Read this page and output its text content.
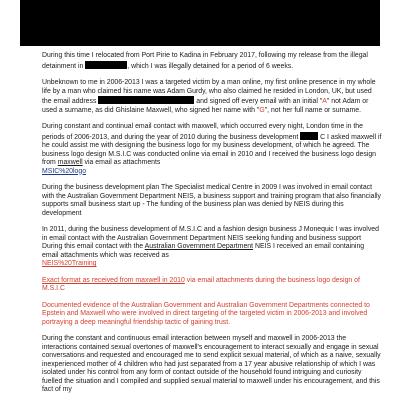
During this time I relocated from Port Pirie to Kadina in February 2017, following my release from the illegal detainment in	, which I was illegally detained for a period of 6 weeks.

Unbeknown to me in 2006-2013 I was a targeted victim by a man online, my first online presence in my whole life by a man who claimed his name was Adam Gurdy, who also claimed he resided in London, UK, but used the email address	and signed off every email with an initial "A" not Adam or used a surname, as did Ghislaine Maxwell, who signed her name with "G", not her full name or surname.

During constant and continual email contact with maxwell, which occurred every night, London time in the periods of 2006-2013, and during the year of 2010 during the business development	C I asked maxwell if he could assist me with designing the business logo for my business development, of which he agreed. The business logo design M.S.I.C was conducted online via email in 2010 and I received the business logo design from maxwell via email as attachments
MSIC%20logo

During the business development plan The Specialist medical Centre in 2009 I was involved in email contact with the Australian Government Department NEIS, a business support and training program that also financially supports small business start up - The funding of the business plan was denied by NEIS during this development

In 2011, during the business development of M.S.I.C and a fashion design business J Monequic I was involved in email contact with the Australian Government Department NEIS seeking funding and business support
During this email contact with the Australian Government Department NEIS I received an email containing email attachments which was received as
NEIS%20Training

Exact format as received from maxwell in 2010 via email attachments during the business logo design of M.S.I.C

Documented evidence of the Australian Government and Australian Government Departments connected to Epstein and Maxwell who were involved in direct targeting of the targeted victim in 2006-2013 and involved portraying a deep meaningful friendship tactic of gaining trust.

During the constant and continuous email interaction between myself and maxwell in 2006-2013 the interactions contained sexual overtones of maxwell's encouragement to interact sexually and engage in sexual conversations and requested and encouraged me to send explicit sexual material, of which as a naive, sexually inexperienced mother of 4 children who had just separated from a 17 year abusive relationship of which I was isolated under his control from any form of contact outside of the household found intriguing and curiosity fuelled the situation and I compiled and supplied sexual material to maxwell under his encouragement, and this fact of my
